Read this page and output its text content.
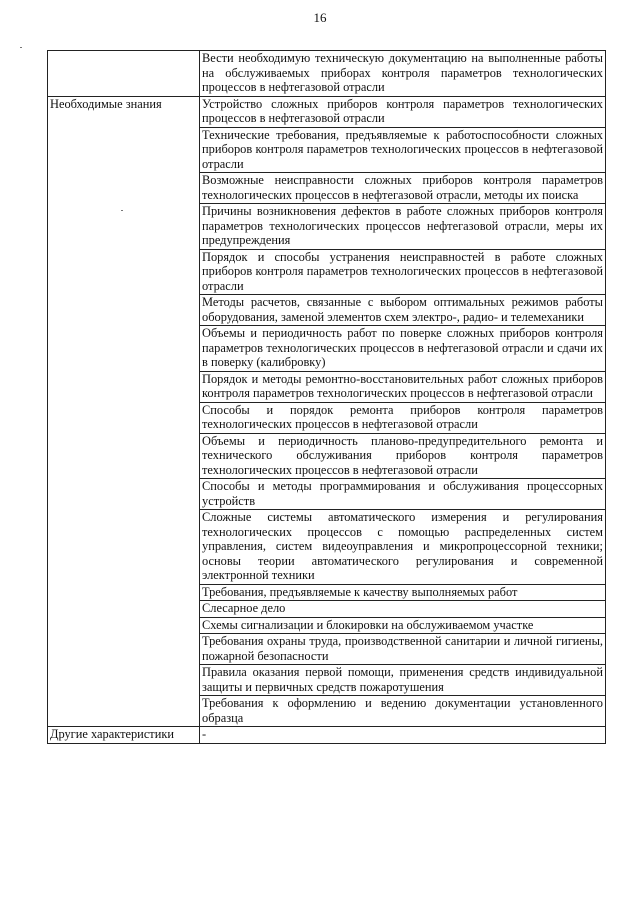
16
	Вести необходимую техническую документацию на выполненные работы на обслуживаемых приборах контроля параметров технологических процессов в нефтегазовой отрасли
Необходимые знания	Устройство сложных приборов контроля параметров технологических процессов в нефтегазовой отрасли
	Технические требования, предъявляемые к работоспособности сложных приборов контроля параметров технологических процессов в нефтегазовой отрасли
	Возможные неисправности сложных приборов контроля параметров технологических процессов в нефтегазовой отрасли, методы их поиска
	Причины возникновения дефектов в работе сложных приборов контроля параметров технологических процессов нефтегазовой отрасли, меры их предупреждения
	Порядок и способы устранения неисправностей в работе сложных приборов контроля параметров технологических процессов в нефтегазовой отрасли
	Методы расчетов, связанные с выбором оптимальных режимов работы оборудования, заменой элементов схем электро-, радио- и телемеханики
	Объемы и периодичность работ по поверке сложных приборов контроля параметров технологических процессов в нефтегазовой отрасли и сдачи их в поверку (калибровку)
	Порядок и методы ремонтно-восстановительных работ сложных приборов контроля параметров технологических процессов в нефтегазовой отрасли
	Способы и порядок ремонта приборов контроля параметров технологических процессов в нефтегазовой отрасли
	Объемы и периодичность планово-предупредительного ремонта и технического обслуживания приборов контроля параметров технологических процессов в нефтегазовой отрасли
	Способы и методы программирования и обслуживания процессорных устройств
	Сложные системы автоматического измерения и регулирования технологических процессов с помощью распределенных систем управления, систем видеоуправления и микропроцессорной техники; основы теории автоматического регулирования и современной электронной техники
	Требования, предъявляемые к качеству выполняемых работ
	Слесарное дело
	Схемы сигнализации и блокировки на обслуживаемом участке
	Требования охраны труда, производственной санитарии и личной гигиены, пожарной безопасности
	Правила оказания первой помощи, применения средств индивидуальной защиты и первичных средств пожаротушения
	Требования к оформлению и ведению документации установленного образца
Другие характеристики	-
